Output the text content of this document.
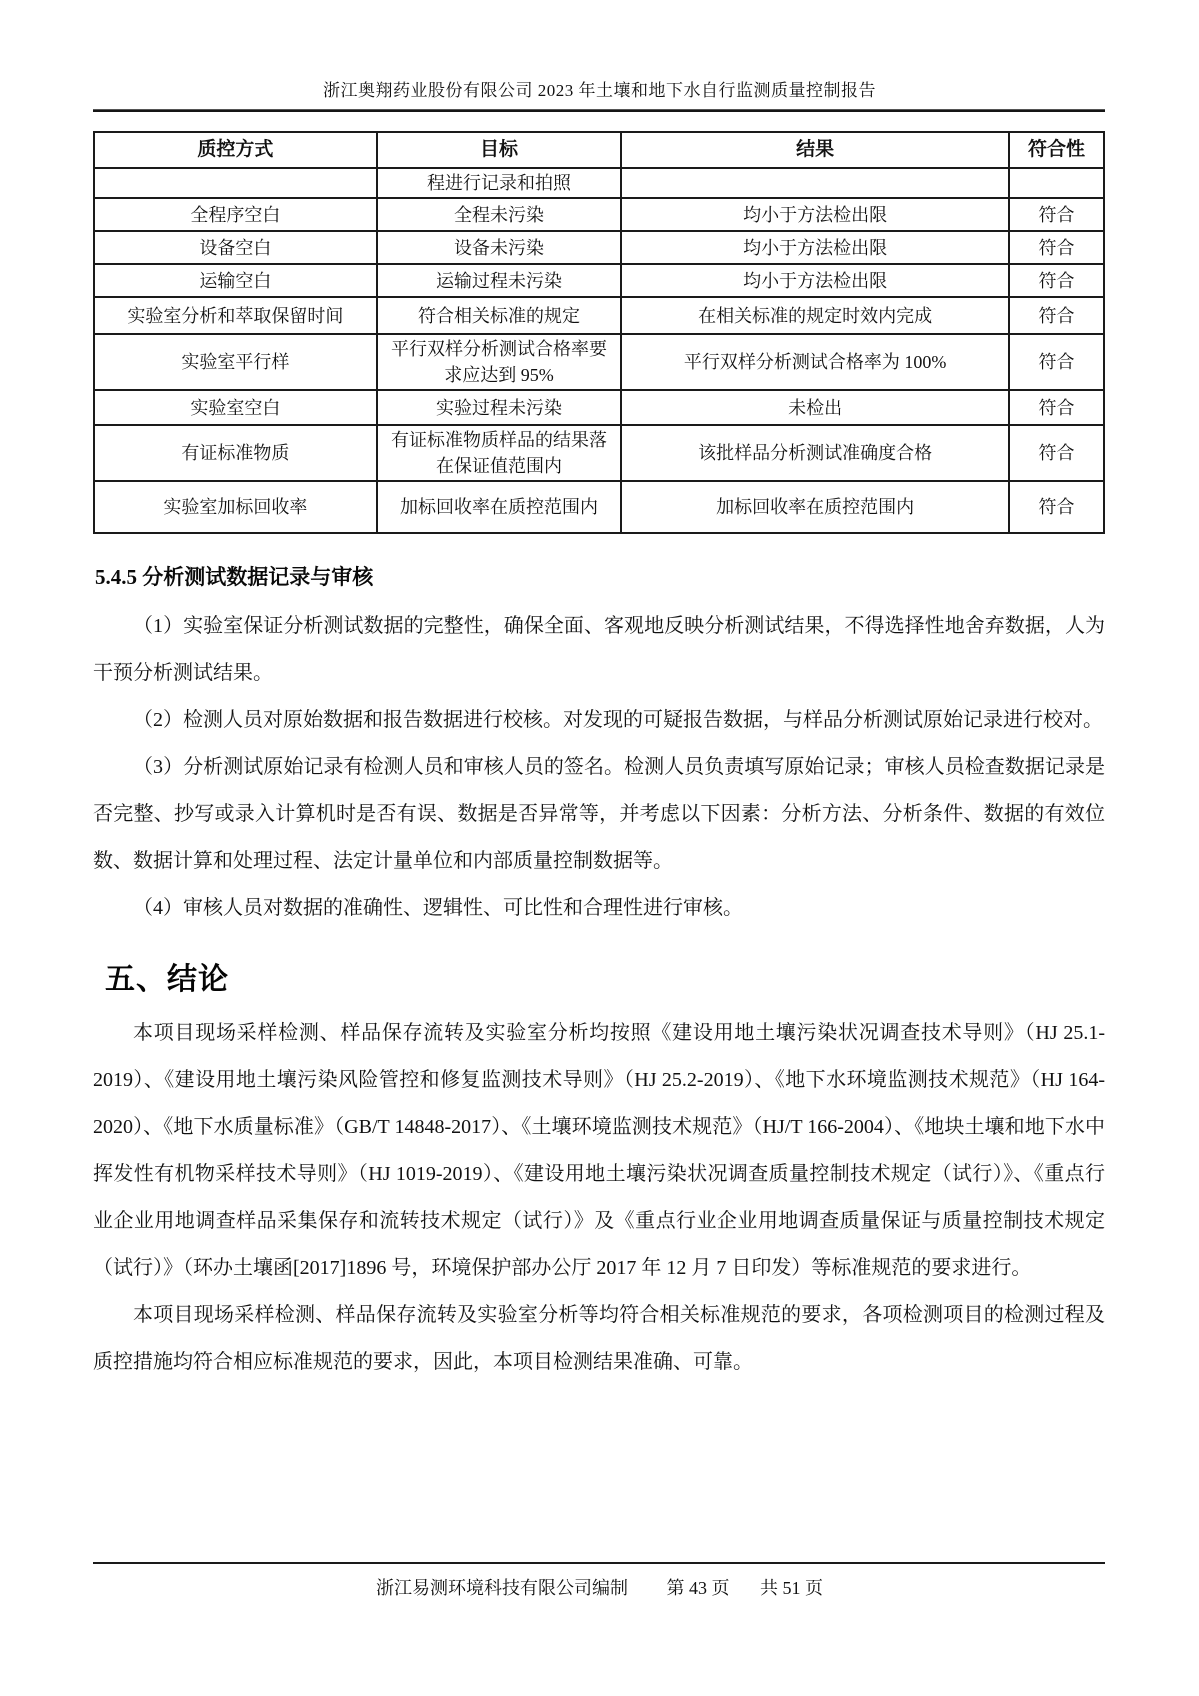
浙江奥翔药业股份有限公司 2023 年土壤和地下水自行监测质量控制报告
质控方式	目标	结果	符合性
	程进行记录和拍照		
全程序空白	全程未污染	均小于方法检出限	符合
设备空白	设备未污染	均小于方法检出限	符合
运输空白	运输过程未污染	均小于方法检出限	符合
实验室分析和萃取保留时间	符合相关标准的规定	在相关标准的规定时效内完成	符合
实验室平行样	平行双样分析测试合格率要求应达到 95%	平行双样分析测试合格率为 100%	符合
实验室空白	实验过程未污染	未检出	符合
有证标准物质	有证标准物质样品的结果落在保证值范围内	该批样品分析测试准确度合格	符合
实验室加标回收率	加标回收率在质控范围内	加标回收率在质控范围内	符合
5.4.5 分析测试数据记录与审核

（1）实验室保证分析测试数据的完整性，确保全面、客观地反映分析测试结果，不得选择性地舍弃数据，人为干预分析测试结果。

（2）检测人员对原始数据和报告数据进行校核。对发现的可疑报告数据，与样品分析测试原始记录进行校对。

（3）分析测试原始记录有检测人员和审核人员的签名。检测人员负责填写原始记录；审核人员检查数据记录是否完整、抄写或录入计算机时是否有误、数据是否异常等，并考虑以下因素：分析方法、分析条件、数据的有效位数、数据计算和处理过程、法定计量单位和内部质量控制数据等。

（4）审核人员对数据的准确性、逻辑性、可比性和合理性进行审核。

五、结论

本项目现场采样检测、样品保存流转及实验室分析均按照《建设用地土壤污染状况调查技术导则》（HJ 25.1-2019）、《建设用地土壤污染风险管控和修复监测技术导则》（HJ 25.2-2019）、《地下水环境监测技术规范》（HJ 164-2020）、《地下水质量标准》（GB/T 14848-2017）、《土壤环境监测技术规范》（HJ/T 166-2004）、《地块土壤和地下水中挥发性有机物采样技术导则》（HJ 1019-2019）、《建设用地土壤污染状况调查质量控制技术规定（试行）》、《重点行业企业用地调查样品采集保存和流转技术规定（试行）》及《重点行业企业用地调查质量保证与质量控制技术规定（试行）》（环办土壤函[2017]1896 号，环境保护部办公厅 2017 年 12 月 7 日印发）等标准规范的要求进行。

本项目现场采样检测、样品保存流转及实验室分析等均符合相关标准规范的要求，各项检测项目的检测过程及质控措施均符合相应标准规范的要求，因此，本项目检测结果准确、可靠。

浙江易测环境科技有限公司编制 第 43 页 共 51 页
